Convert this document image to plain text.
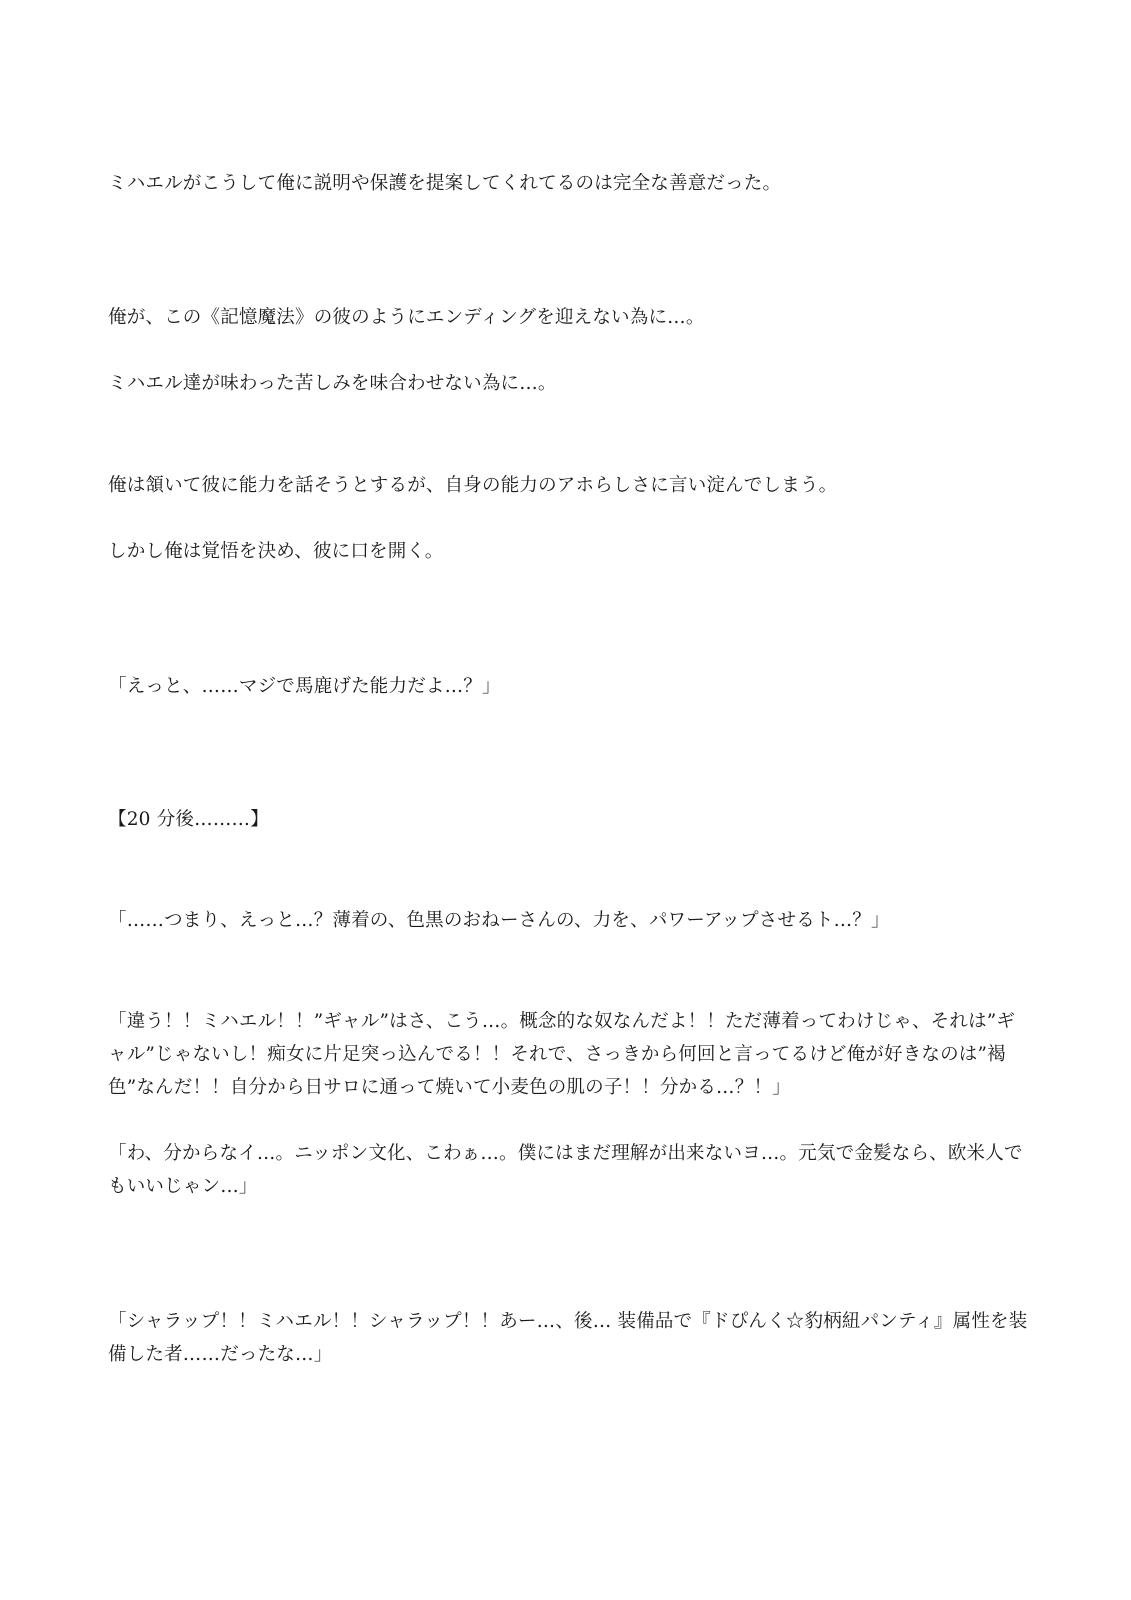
ミハエルがこうして俺に説明や保護を提案してくれてるのは完全な善意だった。

俺が、この《記憶魔法》の彼のようにエンディングを迎えない為に…。

ミハエル達が味わった苦しみを味合わせない為に…。

俺は頷いて彼に能力を話そうとするが、自身の能力のアホらしさに言い淀んでしまう。

しかし俺は覚悟を決め、彼に口を開く。

「えっと、……マジで馬鹿げた能力だよ…？」

【20 分後………】

「……つまり、えっと…？薄着の、色黒のおねーさんの、力を、パワーアップさせるト…？」

「違う！！ミハエル！！”ギャル”はさ、こう…。概念的な奴なんだよ！！ただ薄着ってわけじゃ、それは”ギャル”じゃないし！痴女に片足突っ込んでる！！それで、さっきから何回と言ってるけど俺が好きなのは”褐色”なんだ！！自分から日サロに通って焼いて小麦色の肌の子！！分かる…？！」

「わ、分からなイ…。ニッポン文化、こわぁ…。僕にはまだ理解が出来ないヨ…。元気で金髪なら、欧米人でもいいじゃン…」

「シャラップ！！ミハエル！！シャラップ！！あー…、後… 装備品で『ドぴんく☆豹柄紐パンティ』属性を装備した者……だったな…」
